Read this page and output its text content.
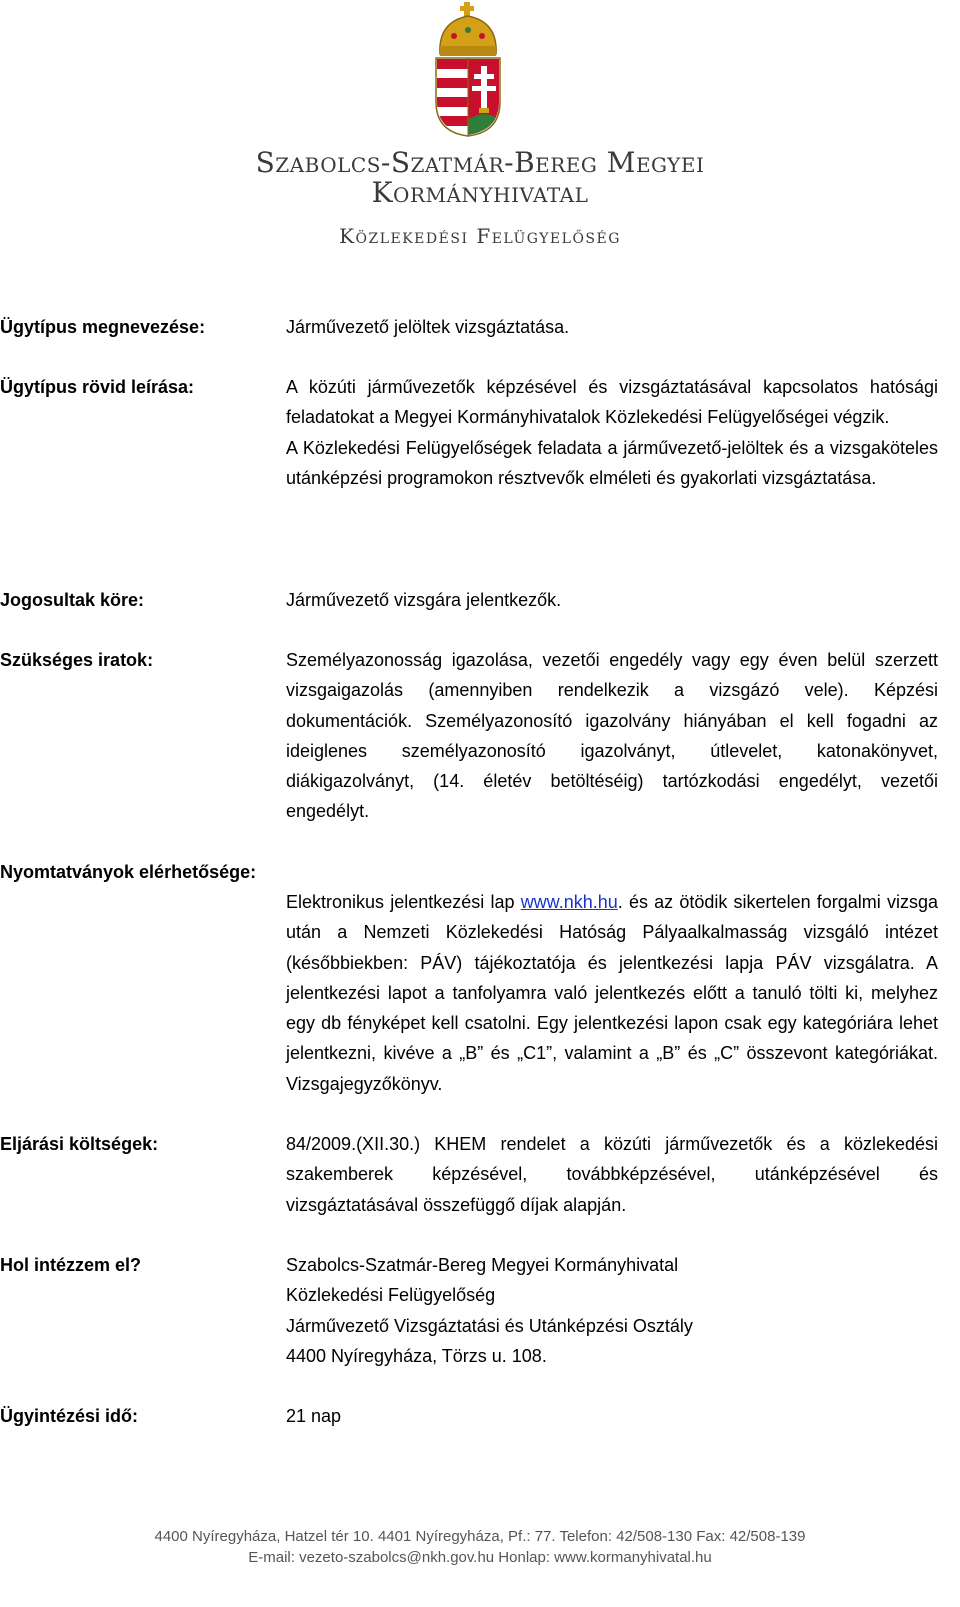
Szabolcs-Szatmár-Bereg Megyei
Kormányhivatal
Közlekedési Felügyelőség
Ügytípus megnevezése:	Járművezető jelöltek vizsgáztatása.
Ügytípus rövid leírása:	A közúti járművezetők képzésével és vizsgáztatásával kapcsolatos hatósági feladatokat a Megyei Kormányhivatalok Közlekedési Felügyelőségei végzik.

A Közlekedési Felügyelőségek feladata a járművezető-jelöltek és a vizsgaköteles utánképzési programokon résztvevők elméleti és gyakorlati vizsgáztatása.

Jogosultak köre:	Járművezető vizsgára jelentkezők.
Szükséges iratok:	Személyazonosság igazolása, vezetői engedély vagy egy éven belül szerzett vizsgaigazolás (amennyiben rendelkezik a vizsgázó vele). Képzési dokumentációk. Személyazonosító igazolvány hiányában el kell fogadni az ideiglenes személyazonosító igazolványt, útlevelet, katonakönyvet, diákigazolványt, (14. életév betöltéséig) tartózkodási engedélyt, vezetői engedélyt.
Nyomtatványok elérhetősége:
Elektronikus jelentkezési lap www.nkh.hu. és az ötödik sikertelen forgalmi vizsga után a Nemzeti Közlekedési Hatóság Pályaalkalmasság vizsgáló intézet (későbbiekben: PÁV) tájékoztatója és jelentkezési lapja PÁV vizsgálatra. A jelentkezési lapot a tanfolyamra való jelentkezés előtt a tanuló tölti ki, melyhez egy db fényképet kell csatolni. Egy jelentkezési lapon csak egy kategóriára lehet jelentkezni, kivéve a „B” és „C1”, valamint a „B” és „C” összevont kategóriákat. Vizsgajegyzőkönyv.
Eljárási költségek:	84/2009.(XII.30.) KHEM rendelet a közúti járművezetők és a közlekedési szakemberek képzésével, továbbképzésével, utánképzésével és vizsgáztatásával összefüggő díjak alapján.
Hol intézzem el?	Szabolcs-Szatmár-Bereg Megyei Kormányhivatal
Közlekedési Felügyelőség
Járművezető Vizsgáztatási és Utánképzési Osztály
4400 Nyíregyháza, Törzs u. 108.
Ügyintézési idő:	21 nap
4400 Nyíregyháza, Hatzel tér 10. 4401 Nyíregyháza, Pf.: 77. Telefon: 42/508-130 Fax: 42/508-139
E-mail: vezeto-szabolcs@nkh.gov.hu Honlap: www.kormanyhivatal.hu
